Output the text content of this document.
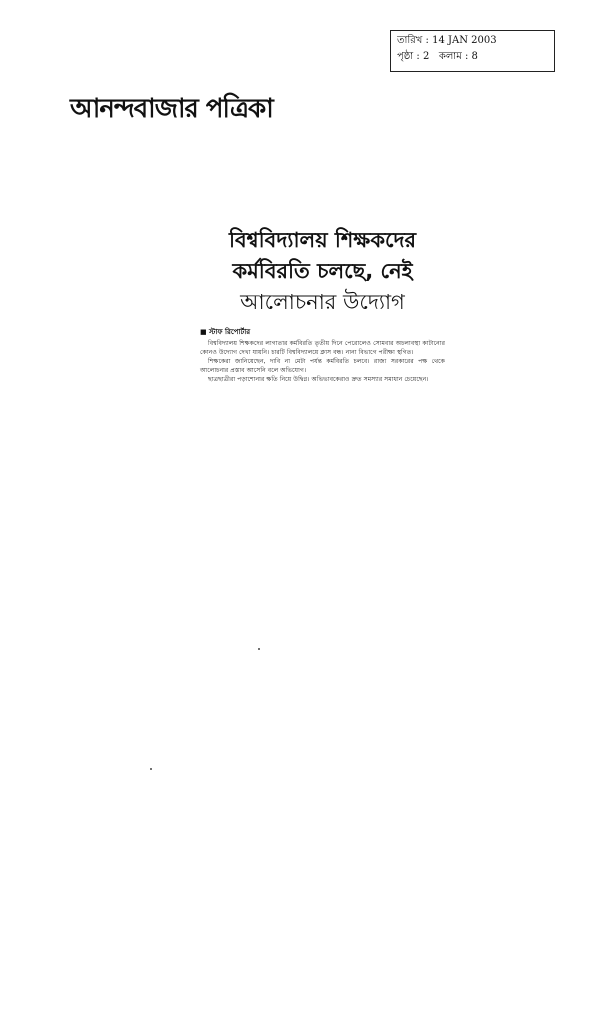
তারিখ : 14 JAN 2003
পৃষ্ঠা : 2 কলাম : 8
আনন্দবাজার পত্রিকা
বিশ্ববিদ্যালয় শিক্ষকদের
কর্মবিরতি চলছে, নেই
আলোচনার উদ্যোগ
■ স্টাফ রিপোর্টার

বিশ্ববিদ্যালয় শিক্ষকদের লাগাতার কর্মবিরতি তৃতীয় দিনে পেরোলেও সোমবার অচলাবস্থা কাটানোর কোনও উদ্যোগ দেখা যায়নি। চারটি বিশ্ববিদ্যালয়ে ক্লাস বন্ধ। নানা বিভাগে পরীক্ষা স্থগিত।

শিক্ষকেরা জানিয়েছেন, দাবি না মেটা পর্যন্ত কর্মবিরতি চলবে। রাজ্য সরকারের পক্ষ থেকে আলোচনার প্রস্তাব আসেনি বলে অভিযোগ।

ছাত্রছাত্রীরা পড়াশোনার ক্ষতি নিয়ে উদ্বিগ্ন। অভিভাবকেরাও দ্রুত সমস্যার সমাধান চেয়েছেন।
